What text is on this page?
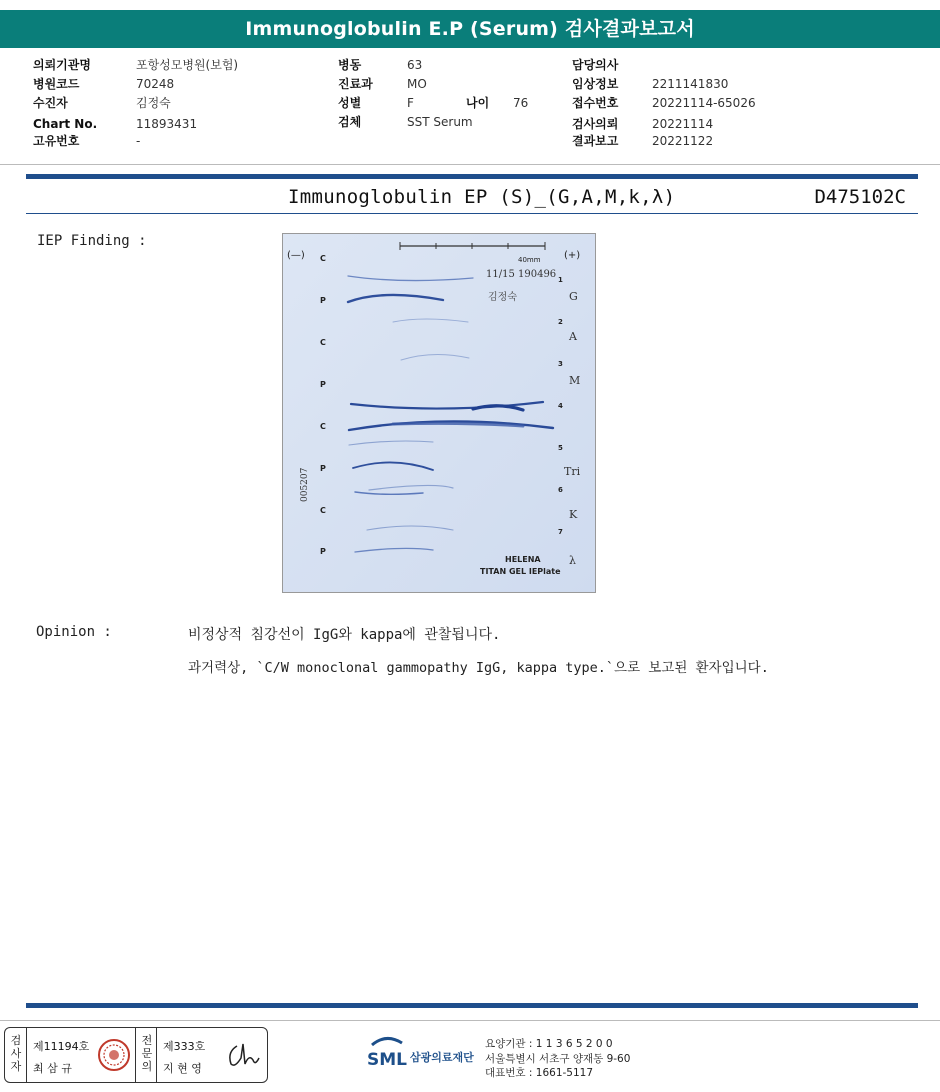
Immunoglobulin E.P (Serum) 검사결과보고서
의뢰기관명	포항성모병원(보험)
병원코드	70248
수진자	김정숙
Chart No.	11893431
고유번호	-
병동	63
진료과	MO
성별	F	나이 76
검체	SST Serum
담당의사
임상정보	2211141830
접수번호	20221114-65026
검사의뢰	20221114
결과보고	20221122
Immunoglobulin EP (S)_(G,A,M,k,λ)	D475102C
IEP Finding :
40mm
(—)	(+)
11/15 190496
김정숙
C
P
C
P
C
P
C
P
1
2
3
4
5
6
7
G
A
M
Tri
K
λ
005207
HELENA
TITAN GEL IEPlate
Opinion :	비정상적 침강선이 IgG와 kappa에 관찰됩니다.
과거력상, `C/W monoclonal gammopathy IgG, kappa type.`으로 보고된 환자입니다.
검
사
자
제11194호
최 삼 규
전
문
의
제333호
지 현 영	SML 삼광의료재단
요양기관 : 1 1 3 6 5 2 0 0
서울특별시 서초구 양재동 9-60
대표번호 : 1661-5117
